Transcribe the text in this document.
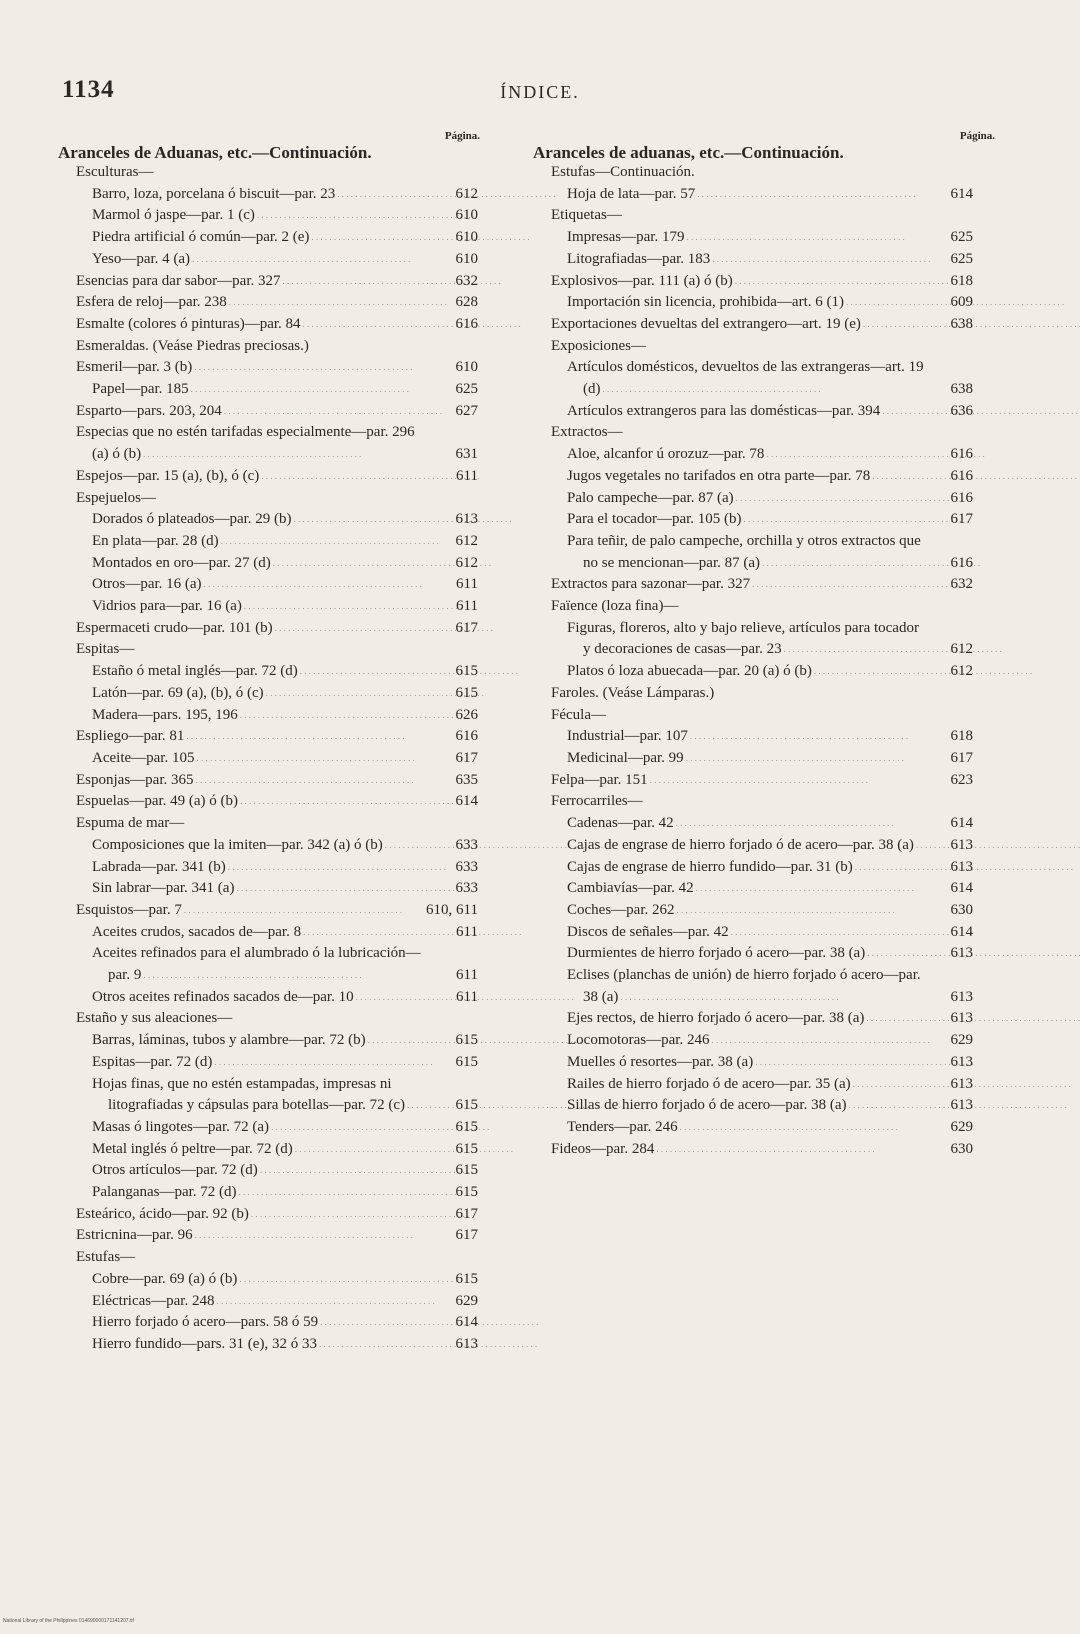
1134	ÍNDICE.
Página.
Aranceles de Aduanas, etc.—Continuación.
Esculturas—
Barro, loza, porcelana ó biscuit—par. 23 . . .	612
Marmol ó jaspe—par. 1 (c) . . .	610
Piedra artificial ó común—par. 2 (e) . . .	610
Yeso—par. 4 (a) . . .	610
Esencias para dar sabor—par. 327 . . .	632
Esfera de reloj—par. 238 . . .	628
Esmalte (colores ó pinturas)—par. 84 . . .	616
Esmeraldas. (Veáse Piedras preciosas.)
Esmeril—par. 3 (b) . . .	610
Papel—par. 185 . . .	625
Esparto—pars. 203, 204 . . .	627
Especias que no estén tarifadas especialmente—par. 296 (a) ó (b) . . .	631
Espejos—par. 15 (a), (b), ó (c) . . .	611
Espejuelos—
Dorados ó plateados—par. 29 (b) . . .	613
En plata—par. 28 (d) . . .	612
Montados en oro—par. 27 (d) . . .	612
Otros—par. 16 (a) . . .	611
Vidrios para—par. 16 (a) . . .	611
Espermaceti crudo—par. 101 (b) . . .	617
Espitas—
Estaño ó metal inglés—par. 72 (d) . . .	615
Latón—par. 69 (a), (b), ó (c) . . .	615
Madera—pars. 195, 196 . . .	626
Espliego—par. 81 . . .	616
Aceite—par. 105 . . .	617
Esponjas—par. 365 . . .	635
Espuelas—par. 49 (a) ó (b) . . .	614
Espuma de mar—
Composiciones que la imiten—par. 342 (a) ó (b) . . .	633
Labrada—par. 341 (b) . . .	633
Sin labrar—par. 341 (a) . . .	633
Esquistos—par. 7 . . .	610, 611
Aceites crudos, sacados de—par. 8 . . .	611
Aceites refinados para el alumbrado ó la lubricación—par. 9 . . .	611
Otros aceites refinados sacados de—par. 10 . . .	611
Estaño y sus aleaciones—
Barras, láminas, tubos y alambre—par. 72 (b) . . .	615
Espitas—par. 72 (d) . . .	615
Hojas finas, que no estén estampadas, impresas ni litografiadas y cápsulas para botellas—par. 72 (c) . . .	615
Masas ó lingotes—par. 72 (a) . . .	615
Metal inglés ó peltre—par. 72 (d) . . .	615
Otros artículos—par. 72 (d) . . .	615
Palanganas—par. 72 (d) . . .	615
Esteárico, ácido—par. 92 (b) . . .	617
Estricnina—par. 96 . . .	617
Estufas—
Cobre—par. 69 (a) ó (b) . . .	615
Eléctricas—par. 248 . . .	629
Hierro forjado ó acero—pars. 58 ó 59 . . .	614
Hierro fundido—pars. 31 (e), 32 ó 33 . . .	613
Página.
Aranceles de aduanas, etc.—Continuación.
Estufas—Continuación.
Hoja de lata—par. 57 . . .	614
Etiquetas—
Impresas—par. 179 . . .	625
Litografiadas—par. 183 . . .	625
Explosivos—par. 111 (a) ó (b) . . .	618
Importación sin licencia, prohibida—art. 6 (1) . . .	609
Exportaciones devueltas del extrangero—art. 19 (e) . . .	638
Exposiciones—
Artículos domésticos, devueltos de las extrangeras—art. 19 (d) . . .	638
Artículos extrangeros para las domésticas—par. 394 . . .	636
Extractos—
Aloe, alcanfor ú orozuz—par. 78 . . .	616
Jugos vegetales no tarifados en otra parte—par. 78 . . .	616
Palo campeche—par. 87 (a) . . .	616
Para el tocador—par. 105 (b) . . .	617
Para teñir, de palo campeche, orchilla y otros extractos que no se mencionan—par. 87 (a) . . .	616
Extractos para sazonar—par. 327 . . .	632
Faïence (loza fina)—
Figuras, floreros, alto y bajo relieve, artículos para tocador y decoraciones de casas—par. 23 . . .	612
Platos ó loza abuecada—par. 20 (a) ó (b) . . .	612
Faroles. (Veáse Lámparas.)
Fécula—
Industrial—par. 107 . . .	618
Medicinal—par. 99 . . .	617
Felpa—par. 151 . . .	623
Ferrocarriles—
Cadenas—par. 42 . . .	614
Cajas de engrase de hierro forjado ó de acero—par. 38 (a) . . .	613
Cajas de engrase de hierro fundido—par. 31 (b) . . .	613
Cambiavías—par. 42 . . .	614
Coches—par. 262 . . .	630
Discos de señales—par. 42 . . .	614
Durmientes de hierro forjado ó acero—par. 38 (a) . . .	613
Eclises (planchas de unión) de hierro forjado ó acero—par. 38 (a) . . .	613
Ejes rectos, de hierro forjado ó acero—par. 38 (a) . . .	613
Locomotoras—par. 246 . . .	629
Muelles ó resortes—par. 38 (a) . . .	613
Railes de hierro forjado ó de acero—par. 35 (a) . . .	613
Sillas de hierro forjado ó de acero—par. 38 (a) . . .	613
Tenders—par. 246 . . .	629
Fideos—par. 284 . . .	630
National Library of the Philippines 014690000171141207.tif
